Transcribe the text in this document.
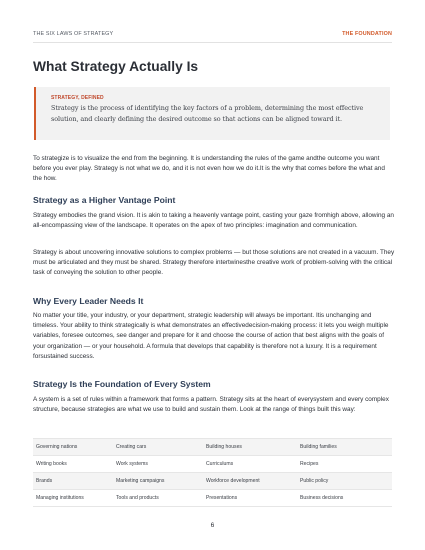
THE SIX LAWS OF STRATEGY	THE FOUNDATION
What Strategy Actually Is

STRATEGY, DEFINED

Strategy is the process of identifying the key factors of a problem, determining the most effective solution, and clearly defining the desired outcome so that actions can be aligned toward it.

To strategize is to visualize the end from the beginning. It is understanding the rules of the game andthe outcome you want before you ever play. Strategy is not what we do, and it is not even how we do it.It is the why that comes before the what and the how.

Strategy as a Higher Vantage Point

Strategy embodies the grand vision. It is akin to taking a heavenly vantage point, casting your gaze fromhigh above, allowing an all-encompassing view of the landscape. It operates on the apex of two principles: imagination and communication.

Strategy is about uncovering innovative solutions to complex problems — but those solutions are not created in a vacuum. They must be articulated and they must be shared. Strategy therefore intertwinesthe creative work of problem-solving with the critical task of conveying the solution to other people.

Why Every Leader Needs It

No matter your title, your industry, or your department, strategic leadership will always be important. Itis unchanging and timeless. Your ability to think strategically is what demonstrates an effectivedecision-making process: it lets you weigh multiple variables, foresee outcomes, see danger and prepare for it and choose the course of action that best aligns with the goals of your organization — or your household. A formula that develops that capability is therefore not a luxury. It is a requirement forsustained success.

Strategy Is the Foundation of Every System

A system is a set of rules within a framework that forms a pattern. Strategy sits at the heart of everysystem and every complex structure, because strategies are what we use to build and sustain them. Look at the range of things built this way:

Governing nations	Creating cars	Building houses	Building families
Writing books	Work systems	Curriculums	Recipes
Brands	Marketing campaigns	Workforce development	Public policy
Managing institutions	Tools and products	Presentations	Business decisions
6
